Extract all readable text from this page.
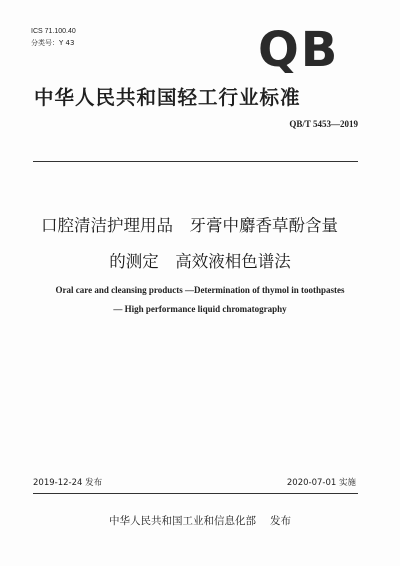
ICS 71.100.40
分类号：Y 43	QB
中华人民共和国轻工行业标准
QB/T 5453—2019
口腔清洁护理用品　牙膏中麝香草酚含量
的测定　高效液相色谱法
Oral care and cleansing products —Determination of thymol in toothpastes
— High performance liquid chromatography
2019-12-24 发布	2020-07-01 实施
中华人民共和国工业和信息化部 发布
